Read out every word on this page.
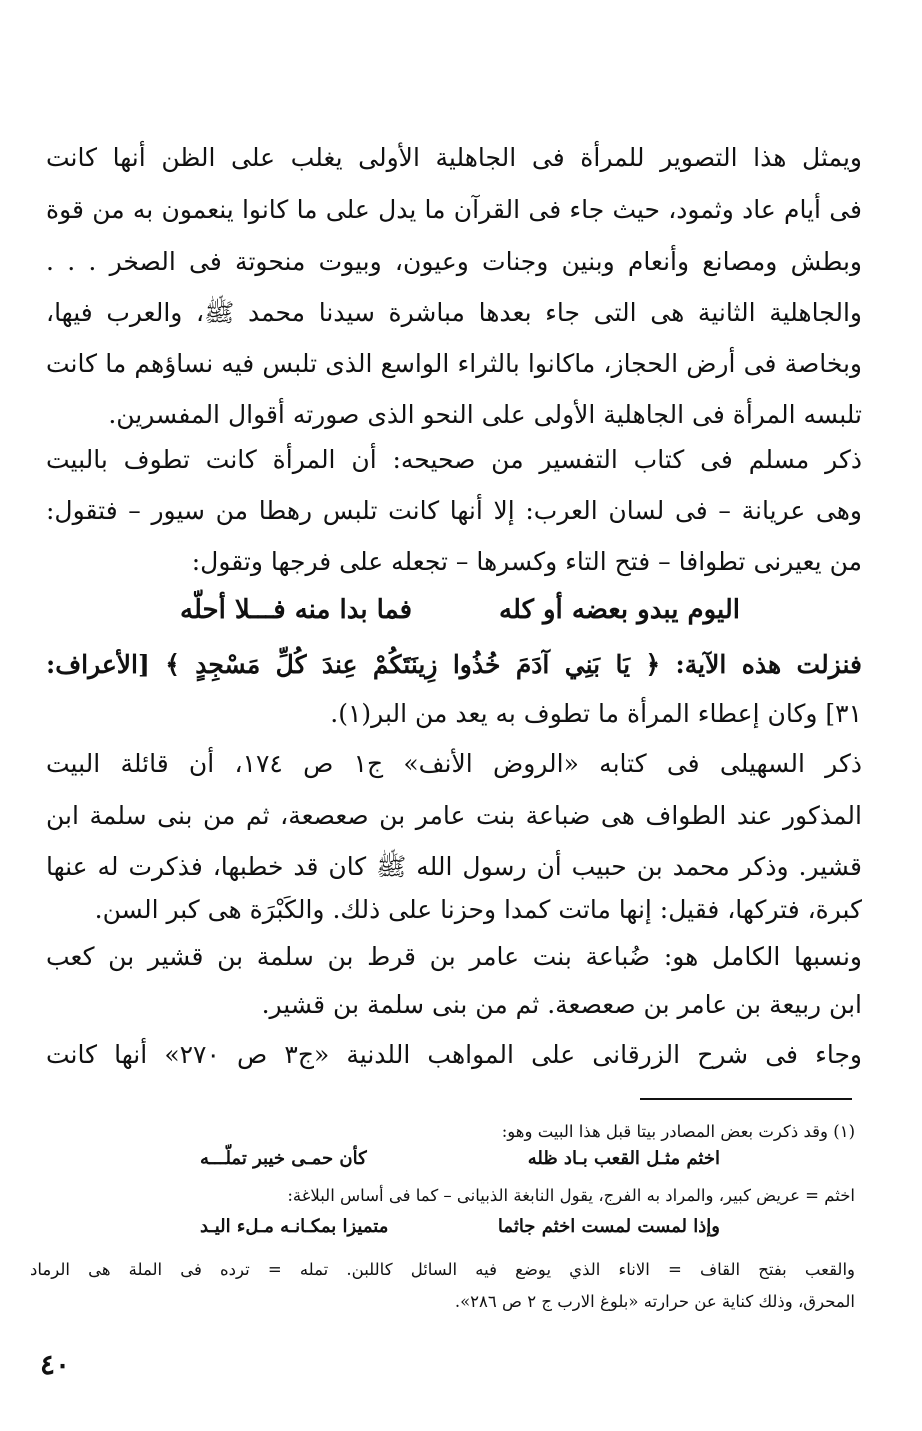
ويمثل هذا التصوير للمرأة فى الجاهلية الأولى يغلب على الظن أنها كانت
فى أيام عاد وثمود، حيث جاء فى القرآن ما يدل على ما كانوا ينعمون به من قوة
وبطش ومصانع وأنعام وبنين وجنات وعيون، وبيوت منحوتة فى الصخر . . .
والجاهلية الثانية هى التى جاء بعدها مباشرة سيدنا محمد ﷺ، والعرب فيها،
وبخاصة فى أرض الحجاز، ماكانوا بالثراء الواسع الذى تلبس فيه نساؤهم ما كانت
تلبسه المرأة فى الجاهلية الأولى على النحو الذى صورته أقوال المفسرين.
ذكر مسلم فى كتاب التفسير من صحيحه: أن المرأة كانت تطوف بالبيت
وهى عريانة – فى لسان العرب: إلا أنها كانت تلبس رهطا من سيور – فتقول:
من يعيرنى تطوافا – فتح التاء وكسرها – تجعله على فرجها وتقول:
اليوم يبدو بعضه أو كله
فما بدا منه فـــلا أحلّه
فنزلت هذه الآية: ﴿ يَا بَنِي آدَمَ خُذُوا زِينَتَكُمْ عِندَ كُلِّ مَسْجِدٍ ﴾ [الأعراف:
٣١] وكان إعطاء المرأة ما تطوف به يعد من البر(١).
ذكر السهيلى فى كتابه «الروض الأنف» ج١ ص ١٧٤، أن قائلة البيت
المذكور عند الطواف هى ضباعة بنت عامر بن صعصعة، ثم من بنى سلمة ابن
قشير. وذكر محمد بن حبيب أن رسول الله ﷺ كان قد خطبها، فذكرت له عنها
كبرة، فتركها، فقيل: إنها ماتت كمدا وحزنا على ذلك. والكَبْرَة هى كبر السن.
ونسبها الكامل هو: ضُباعة بنت عامر بن قرط بن سلمة بن قشير بن كعب
ابن ربيعة بن عامر بن صعصعة. ثم من بنى سلمة بن قشير.
وجاء فى شرح الزرقانى على المواهب اللدنية «ج٣ ص ٢٧٠» أنها كانت
(١) وقد ذكرت بعض المصادر بيتا قبل هذا البيت وهو:
اخثم مثـل القعب بـاد ظله
كأن حمـى خيبر تملّـــه
اخثم = عريض كبير، والمراد به الفرج، يقول النابغة الذبيانى – كما فى أساس البلاغة:
وإذا لمست لمست اخثم جاثما
متميزا بمكـانـه مـلء اليـد
والقعب بفتح القاف = الاناء الذي يوضع فيه السائل كاللبن. تمله = ترده فى الملة هى الرماد
المحرق، وذلك كناية عن حرارته «بلوغ الارب ج ٢ ص ٢٨٦».
٤٠
